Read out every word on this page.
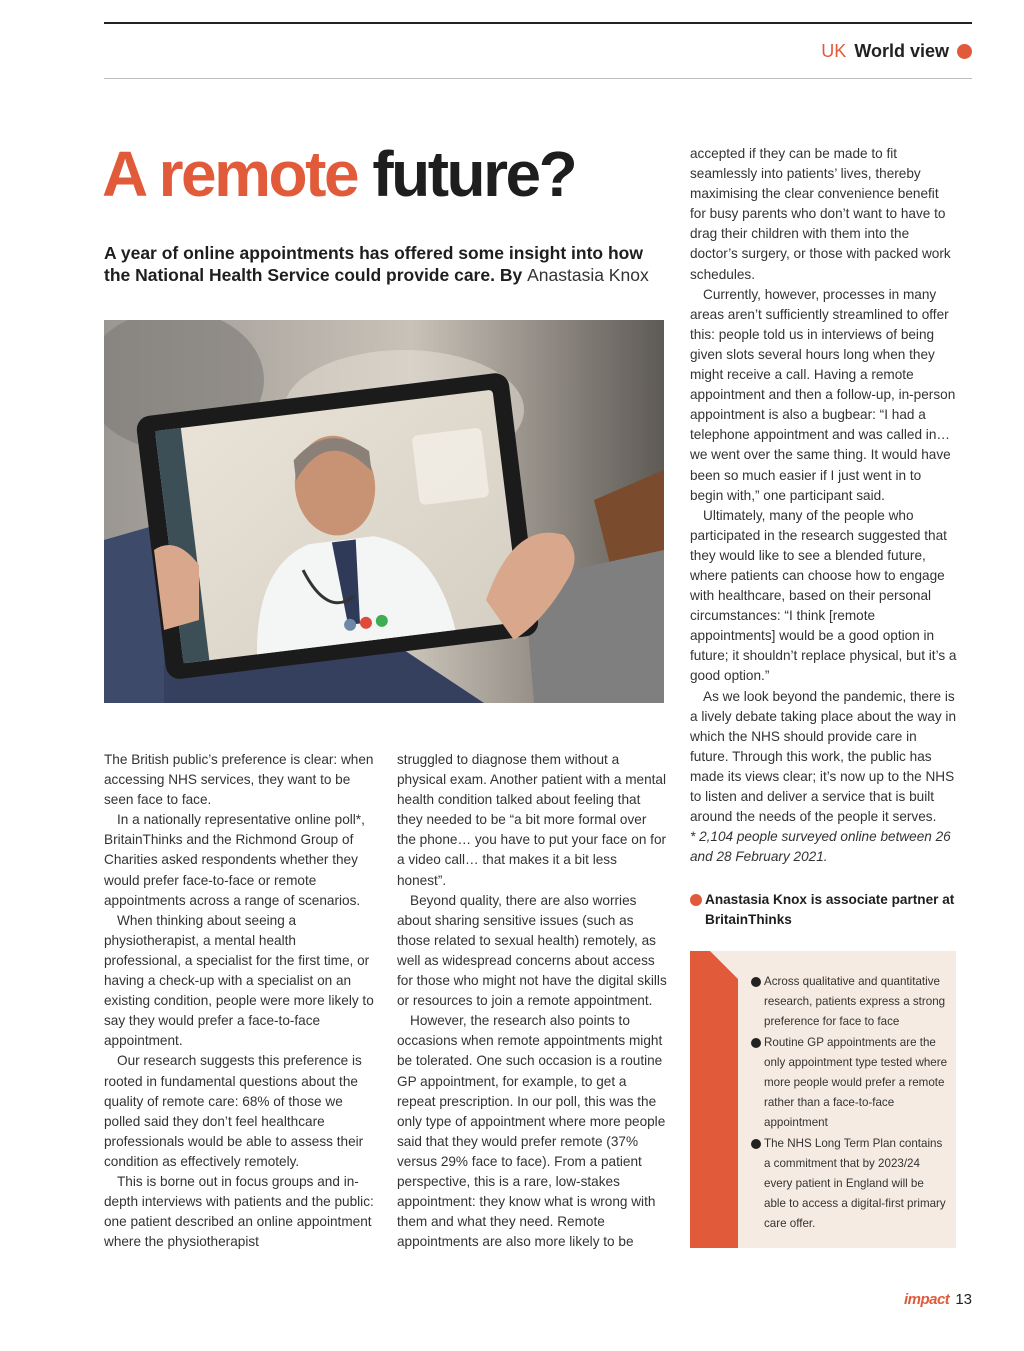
UK World view
A remote future?
A year of online appointments has offered some insight into how the National Health Service could provide care. By Anastasia Knox

The British public’s preference is clear: when accessing NHS services, they want to be seen face to face.

In a nationally representative online poll*, BritainThinks and the Richmond Group of Charities asked respondents whether they would prefer face-to-face or remote appointments across a range of scenarios.

When thinking about seeing a physiotherapist, a mental health professional, a specialist for the first time, or having a check-up with a specialist on an existing condition, people were more likely to say they would prefer a face-to-face appointment.

Our research suggests this preference is rooted in fundamental questions about the quality of remote care: 68% of those we polled said they don’t feel healthcare professionals would be able to assess their condition as effectively remotely.

This is borne out in focus groups and in-depth interviews with patients and the public: one patient described an online appointment where the physiotherapist

struggled to diagnose them without a physical exam. Another patient with a mental health condition talked about feeling that they needed to be “a bit more formal over the phone… you have to put your face on for a video call… that makes it a bit less honest”.

Beyond quality, there are also worries about sharing sensitive issues (such as those related to sexual health) remotely, as well as widespread concerns about access for those who might not have the digital skills or resources to join a remote appointment.

However, the research also points to occasions when remote appointments might be tolerated. One such occasion is a routine GP appointment, for example, to get a repeat prescription. In our poll, this was the only type of appointment where more people said that they would prefer remote (37% versus 29% face to face). From a patient perspective, this is a rare, low-stakes appointment: they know what is wrong with them and what they need. Remote appointments are also more likely to be

accepted if they can be made to fit seamlessly into patients’ lives, thereby maximising the clear convenience benefit for busy parents who don’t want to have to drag their children with them into the doctor’s surgery, or those with packed work schedules.

Currently, however, processes in many areas aren’t sufficiently streamlined to offer this: people told us in interviews of being given slots several hours long when they might receive a call. Having a remote appointment and then a follow-up, in-person appointment is also a bugbear: “I had a telephone appointment and was called in… we went over the same thing. It would have been so much easier if I just went in to begin with,” one participant said.

Ultimately, many of the people who participated in the research suggested that they would like to see a blended future, where patients can choose how to engage with healthcare, based on their personal circumstances: “I think [remote appointments] would be a good option in future; it shouldn’t replace physical, but it’s a good option.”

As we look beyond the pandemic, there is a lively debate taking place about the way in which the NHS should provide care in future. Through this work, the public has made its views clear; it’s now up to the NHS to listen and deliver a service that is built around the needs of the people it serves.

* 2,104 people surveyed online between 26 and 28 February 2021.

Anastasia Knox is associate partner at BritainThinks
Across qualitative and quantitative research, patients express a strong preference for face to face
Routine GP appointments are the only appointment type tested where more people would prefer a remote rather than a face-to-face appointment
The NHS Long Term Plan contains a commitment that by 2023/24 every patient in England will be able to access a digital-first primary care offer.
impact 13
